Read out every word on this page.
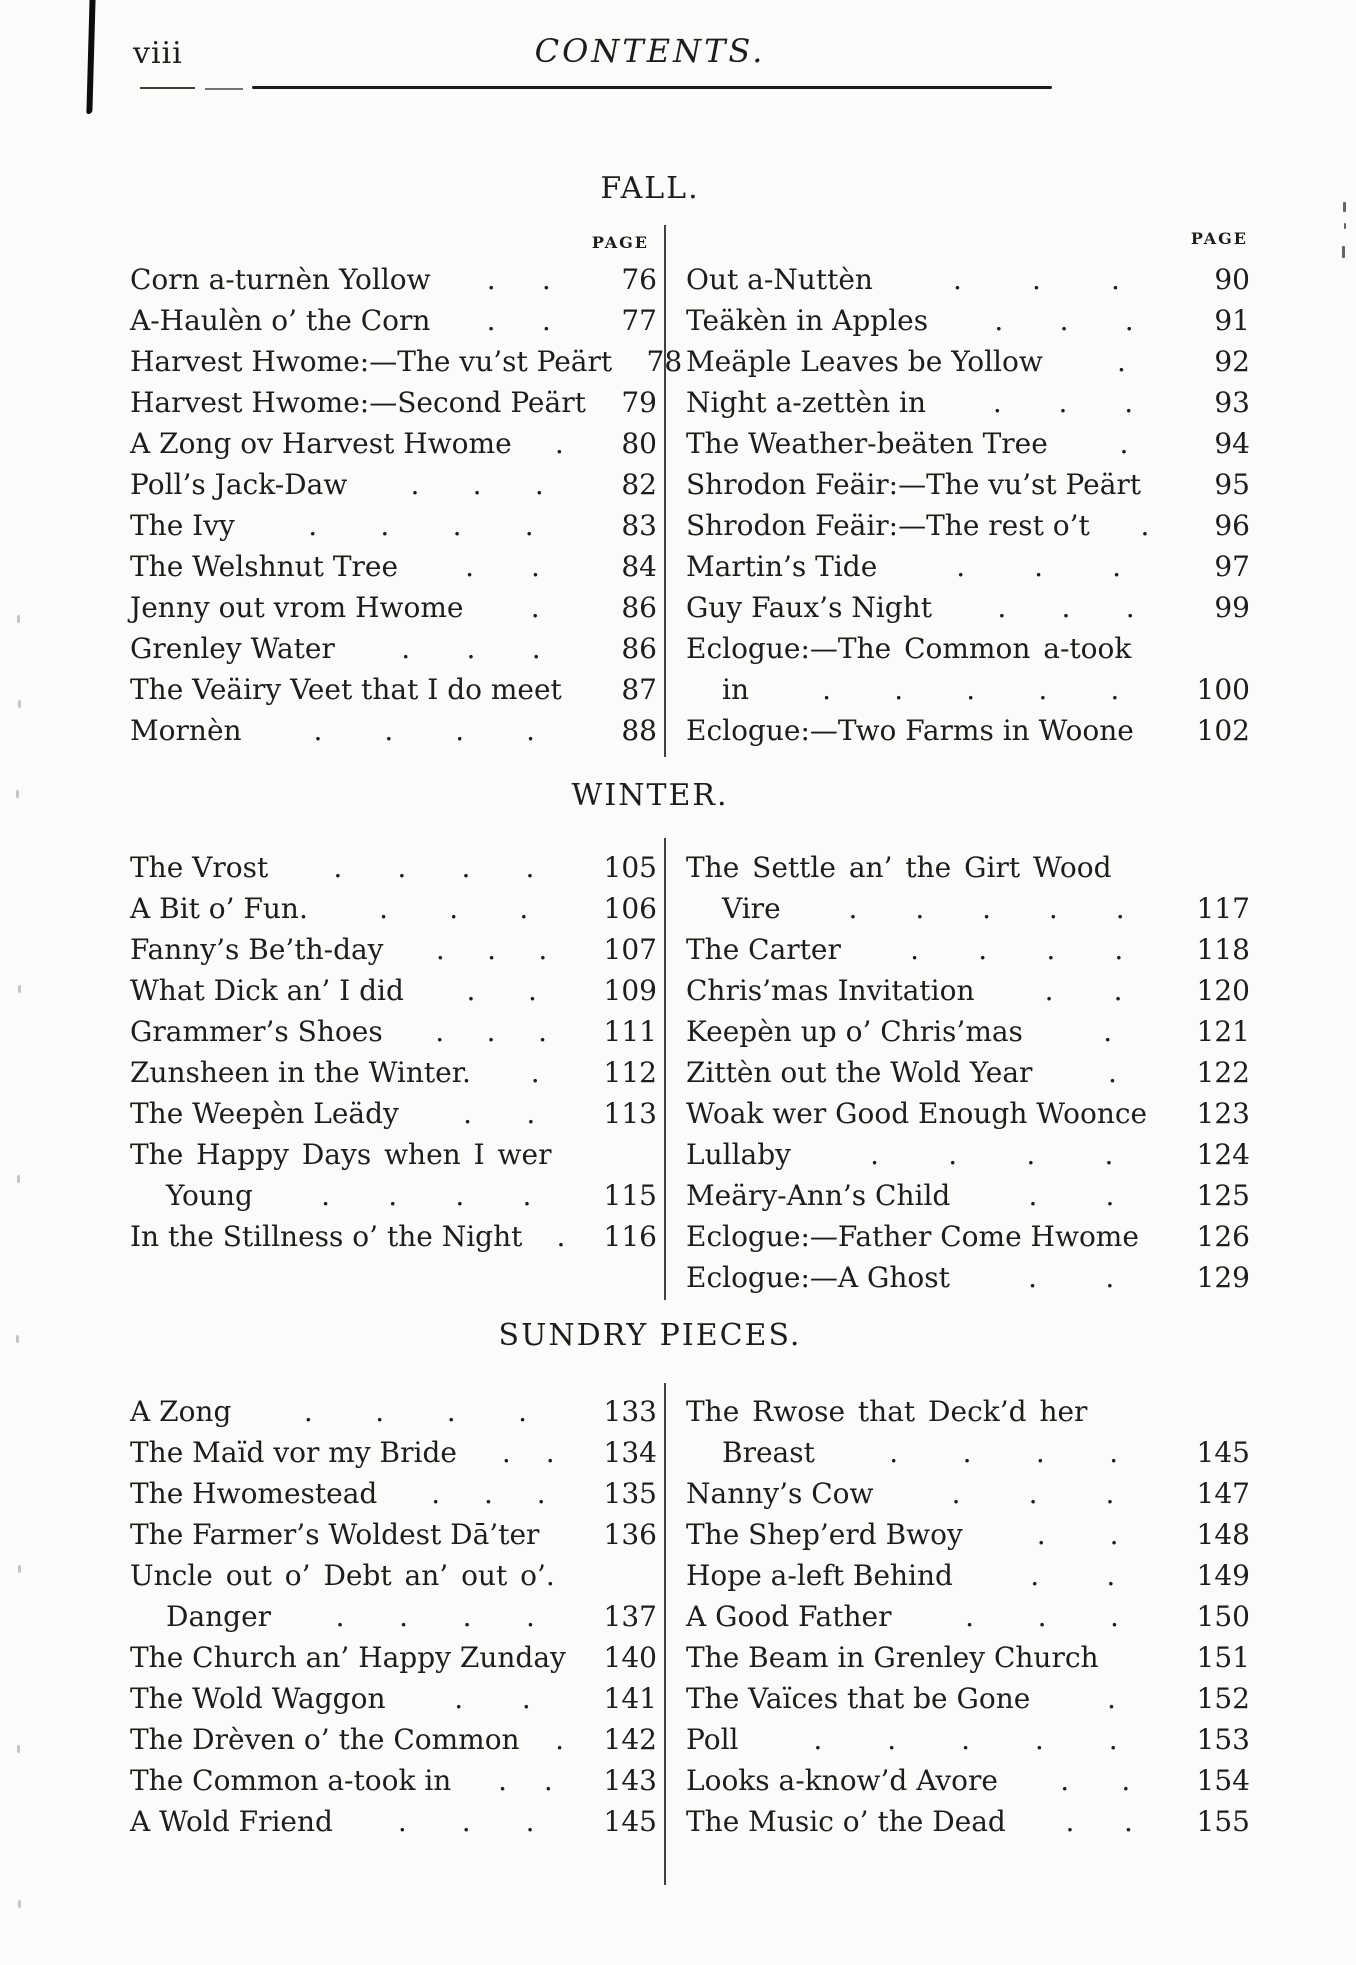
viii	CONTENTS.
FALL.
PAGE
Corn a-turnèn Yollow . .	76
A-Haulèn o’ the Corn . .	77
Harvest Hwome:—The vu’st Peärt	78
Harvest Hwome:—Second Peärt	79
A Zong ov Harvest Hwome .	80
Poll’s Jack-Daw . . .	82
The Ivy	. . . .	83
The Welshnut Tree . .	84
Jenny out vrom Hwome .	86
Grenley Water . . .	86
The Veäiry Veet that I do meet	87
Mornèn	. . . .	88
PAGE
Out a-Nuttèn	.	.	.	90
Teäkèn in Apples . . .	91
Meäple Leaves be Yollow	.	92
Night a-zettèn in . . .	93
The Weather-beäten Tree	.	94
Shrodon Feäir:—The vu’st Peärt	95
Shrodon Feäir:—The rest o’t .	96
Martin’s Tide	. . .	97
Guy Faux’s Night . . .	99
Eclogue:—The Common a-took
in	. . . . .	100
Eclogue:—Two Farms in Woone 102
WINTER.
The Vrost . . . . 105
A Bit o’ Fun.	. . .	106
Fanny’s Be’th-day . . . 107
What Dick an’ I did . . 109
Grammer’s Shoes . . . 111
Zunsheen in the Winter. . 112
The Weepèn Leädy . . 113
The Happy Days when I wer
Young . . . .	115
In the Stillness o’ the Night . 116
The Settle an’ the Girt Wood
Vire . . . . .	117
The Carter . . . .	118
Chris’mas Invitation	. .	120
Keepèn up o’ Chris’mas	.	121
Zittèn out the Wold Year	.	122
Woak wer Good Enough Woonce 123
Lullaby	. . . .	124
Meäry-Ann’s Child	. .	125
Eclogue:—Father Come Hwome 126
Eclogue:—A Ghost	. .	129
SUNDRY PIECES.
A Zong	. . . .	133
The Maïd vor my Bride . . 134
The Hwomestead . . . 135
The Farmer’s Woldest Dā’ter 136
Uncle out o’ Debt an’ out o’.
Danger . . . . 137
The Church an’ Happy Zunday 140
The Wold Waggon . .	141
The Drèven o’ the Common . 142
The Common a-took in . . 143
A Wold Friend . . . 145
The Rwose that Deck’d her
Breast	. . . .	145
Nanny’s Cow	. . .	147
The Shep’erd Bwoy	. .	148
Hope a-left Behind	. .	149
A Good Father	. . .	150
The Beam in Grenley Church	151
The Vaïces that be Gone	.	152
Poll	. . . . .	153
Looks a-know’d Avore . . 154
The Music o’ the Dead . . 155
